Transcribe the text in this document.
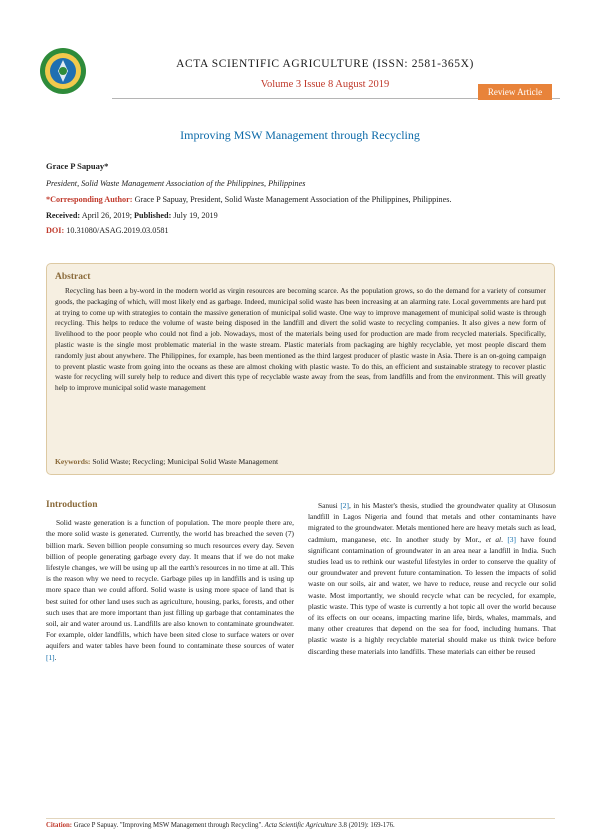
ACTA SCIENTIFIC AGRICULTURE (ISSN: 2581-365X)
Volume 3 Issue 8 August 2019
Review Article
Improving MSW Management through Recycling
Grace P Sapuay*
President, Solid Waste Management Association of the Philippines, Philippines
*Corresponding Author: Grace P Sapuay, President, Solid Waste Management Association of the Philippines, Philippines.
Received: April 26, 2019; Published: July 19, 2019
DOI: 10.31080/ASAG.2019.03.0581
Abstract
Recycling has been a by-word in the modern world as virgin resources are becoming scarce. As the population grows, so do the demand for a variety of consumer goods, the packaging of which, will most likely end as garbage. Indeed, municipal solid waste has been increasing at an alarming rate. Local governments are hard put at trying to come up with strategies to contain the massive generation of municipal solid waste. One way to improve management of municipal solid waste is through recycling. This helps to reduce the volume of waste being disposed in the landfill and divert the solid waste to recycling companies. It also gives a new form of livelihood to the poor people who could not find a job. Nowadays, most of the materials being used for production are made from recycled materials. Specifically, plastic waste is the single most problematic material in the waste stream. Plastic materials from packaging are highly recyclable, yet most people discard them randomly just about anywhere. The Philippines, for example, has been mentioned as the third largest producer of plastic waste in Asia. There is an on-going campaign to prevent plastic waste from going into the oceans as these are almost choking with plastic waste. To do this, an efficient and sustainable strategy to recover plastic waste for recycling will surely help to reduce and divert this type of recyclable waste away from the seas, from landfills and from the environment. This will greatly help to improve municipal solid waste management
Keywords: Solid Waste; Recycling; Municipal Solid Waste Management
Introduction
Solid waste generation is a function of population. The more people there are, the more solid waste is generated. Currently, the world has breached the seven (7) billion mark. Seven billion people consuming so much resources every day. Seven billion of people generating garbage every day. It means that if we do not make lifestyle changes, we will be using up all the earth's resources in no time at all. This is the reason why we need to recycle. Garbage piles up in landfills and is using up more space than we could afford. Solid waste is using more space of land that is best suited for other land uses such as agriculture, housing, parks, forests, and other such uses that are more important than just filling up garbage that contaminates the soil, air and water around us. Landfills are also known to contaminate groundwater. For example, older landfills, which have been sited close to surface waters or over aquifers and water tables have been found to contaminate these sources of water [1].
Sanusi [2], in his Master's thesis, studied the groundwater quality at Olusosun landfill in Lagos Nigeria and found that metals and other contaminants have migrated to the groundwater. Metals mentioned here are heavy metals such as lead, cadmium, manganese, etc. In another study by Mor., et al. [3] have found significant contamination of groundwater in an area near a landfill in India. Such studies lead us to rethink our wasteful lifestyles in order to conserve the quality of our groundwater and prevent future contamination. To lessen the impacts of solid waste on our soils, air and water, we have to reduce, reuse and recycle our solid waste. Most importantly, we should recycle what can be recycled, for example, plastic waste. This type of waste is currently a hot topic all over the world because of its effects on our oceans, impacting marine life, birds, whales, mammals, and many other creatures that depend on the sea for food, including humans. That plastic waste is a highly recyclable material should make us think twice before discarding these materials into landfills. These materials can either be reused
Citation: Grace P Sapuay. "Improving MSW Management through Recycling". Acta Scientific Agriculture 3.8 (2019): 169-176.
